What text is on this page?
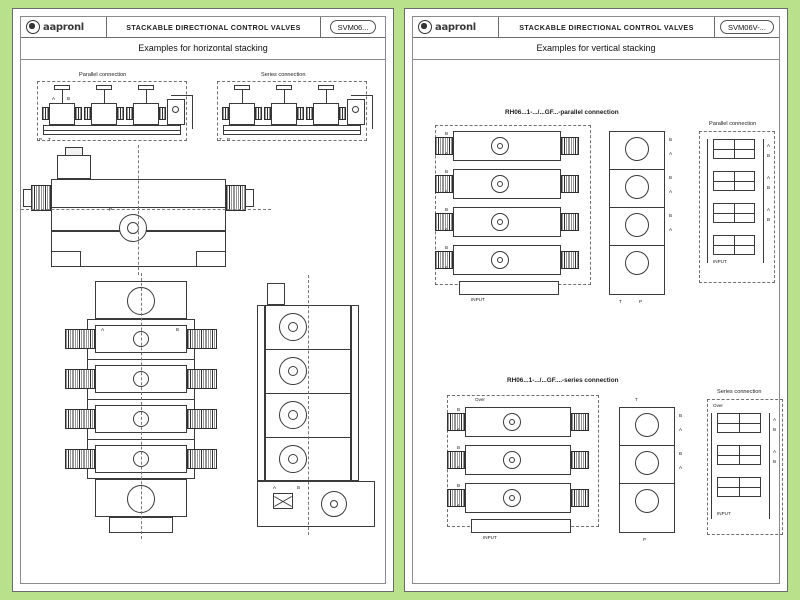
aapronl	STACKABLE DIRECTIONAL CONTROL VALVES	SVM06...
Examples for horizontal stacking
Parallel connection
A	B
P T
Series connection
T P
P
A	B
A	B
aapronl	STACKABLE DIRECTIONAL CONTROL VALVES	SVM06V-...
Examples for vertical stacking
RH06...1-.../...GF...-parallel connection
B
A
B
A
B
A
B
A
INPUT
B
A
B
A
B
A
T	P
Parallel connection
A
B
A
B
A
B
INPUT
RH06...1-.../...GF....-series connection
Over
B
A
B
A
B
A
INPUT
B
A
B
A
T
P
Series connection
Over
A
B
A
B
INPUT
